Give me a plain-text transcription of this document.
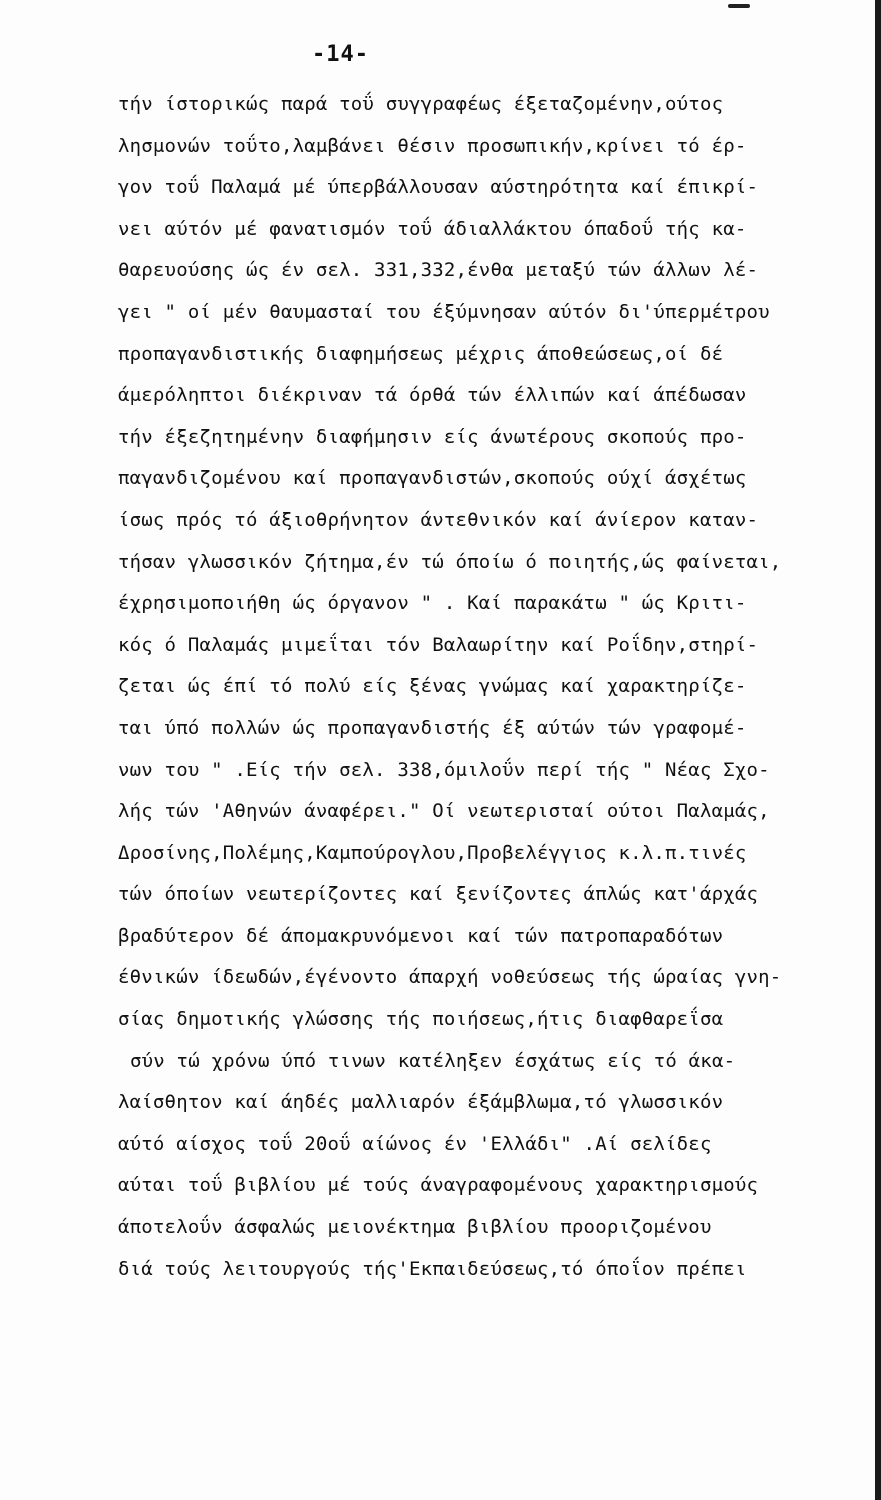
-14-
τήν ίστορικώς παρά τοΰ συγγραφέως έξεταζομένην,ούτος
λησμονών τοΰτο,λαμβάνει θέσιν προσωπικήν,κρίνει τό έρ-
γον τοΰ Παλαμά μέ ύπερβάλλουσαν αύστηρότητα καί έπικρί-
νει αύτόν μέ φανατισμόν τοΰ άδιαλλάκτου όπαδοΰ τής κα-
θαρευούσης ώς έν σελ. 331,332,ένθα μεταξύ τών άλλων λέ-
γει " οί μέν θαυμασταί του έξύμνησαν αύτόν δι'ύπερμέτρου
προπαγανδιστικής διαφημήσεως μέχρις άποθεώσεως,οί δέ
άμερόληπτοι διέκριναν τά όρθά τών έλλιπών καί άπέδωσαν
τήν έξεζητημένην διαφήμησιν είς άνωτέρους σκοπούς προ-
παγανδιζομένου καί προπαγανδιστών,σκοπούς ούχί άσχέτως
ίσως πρός τό άξιοθρήνητον άντεθνικόν καί άνίερον καταν-
τήσαν γλωσσικόν ζήτημα,έν τώ όποίω ό ποιητής,ώς φαίνεται,
έχρησιμοποιήθη ώς όργανον " . Καί παρακάτω " ώς Κριτι-
κός ό Παλαμάς μιμεΐται τόν Βαλαωρίτην καί Ροΐδην,στηρί-
ζεται ώς έπί τό πολύ είς ξένας γνώμας καί χαρακτηρίζε-
ται ύπό πολλών ώς προπαγανδιστής έξ αύτών τών γραφομέ-
νων του " .Είς τήν σελ. 338,όμιλοΰν περί τής " Νέας Σχο-
λής τών 'Αθηνών άναφέρει." Οί νεωτερισταί ούτοι Παλαμάς,
Δροσίνης,Πολέμης,Καμπούρογλου,Προβελέγγιος κ.λ.π.τινές
τών όποίων νεωτερίζοντες καί ξενίζοντες άπλώς κατ'άρχάς
βραδύτερον δέ άπομακρυνόμενοι καί τών πατροπαραδότων
έθνικών ίδεωδών,έγένοντο άπαρχή νοθεύσεως τής ώραίας γνη-
σίας δημοτικής γλώσσης τής ποιήσεως,ήτις διαφθαρεΐσα
σύν τώ χρόνω ύπό τινων κατέληξεν έσχάτως είς τό άκα-
λαίσθητον καί άηδές μαλλιαρόν έξάμβλωμα,τό γλωσσικόν
αύτό αίσχος τοΰ 20οΰ αίώνος έν 'Ελλάδι" .Αί σελίδες
αύται τοΰ βιβλίου μέ τούς άναγραφομένους χαρακτηρισμούς
άποτελοΰν άσφαλώς μειονέκτημα βιβλίου προοριζομένου
διά τούς λειτουργούς τής'Εκπαιδεύσεως,τό όποΐον πρέπει
